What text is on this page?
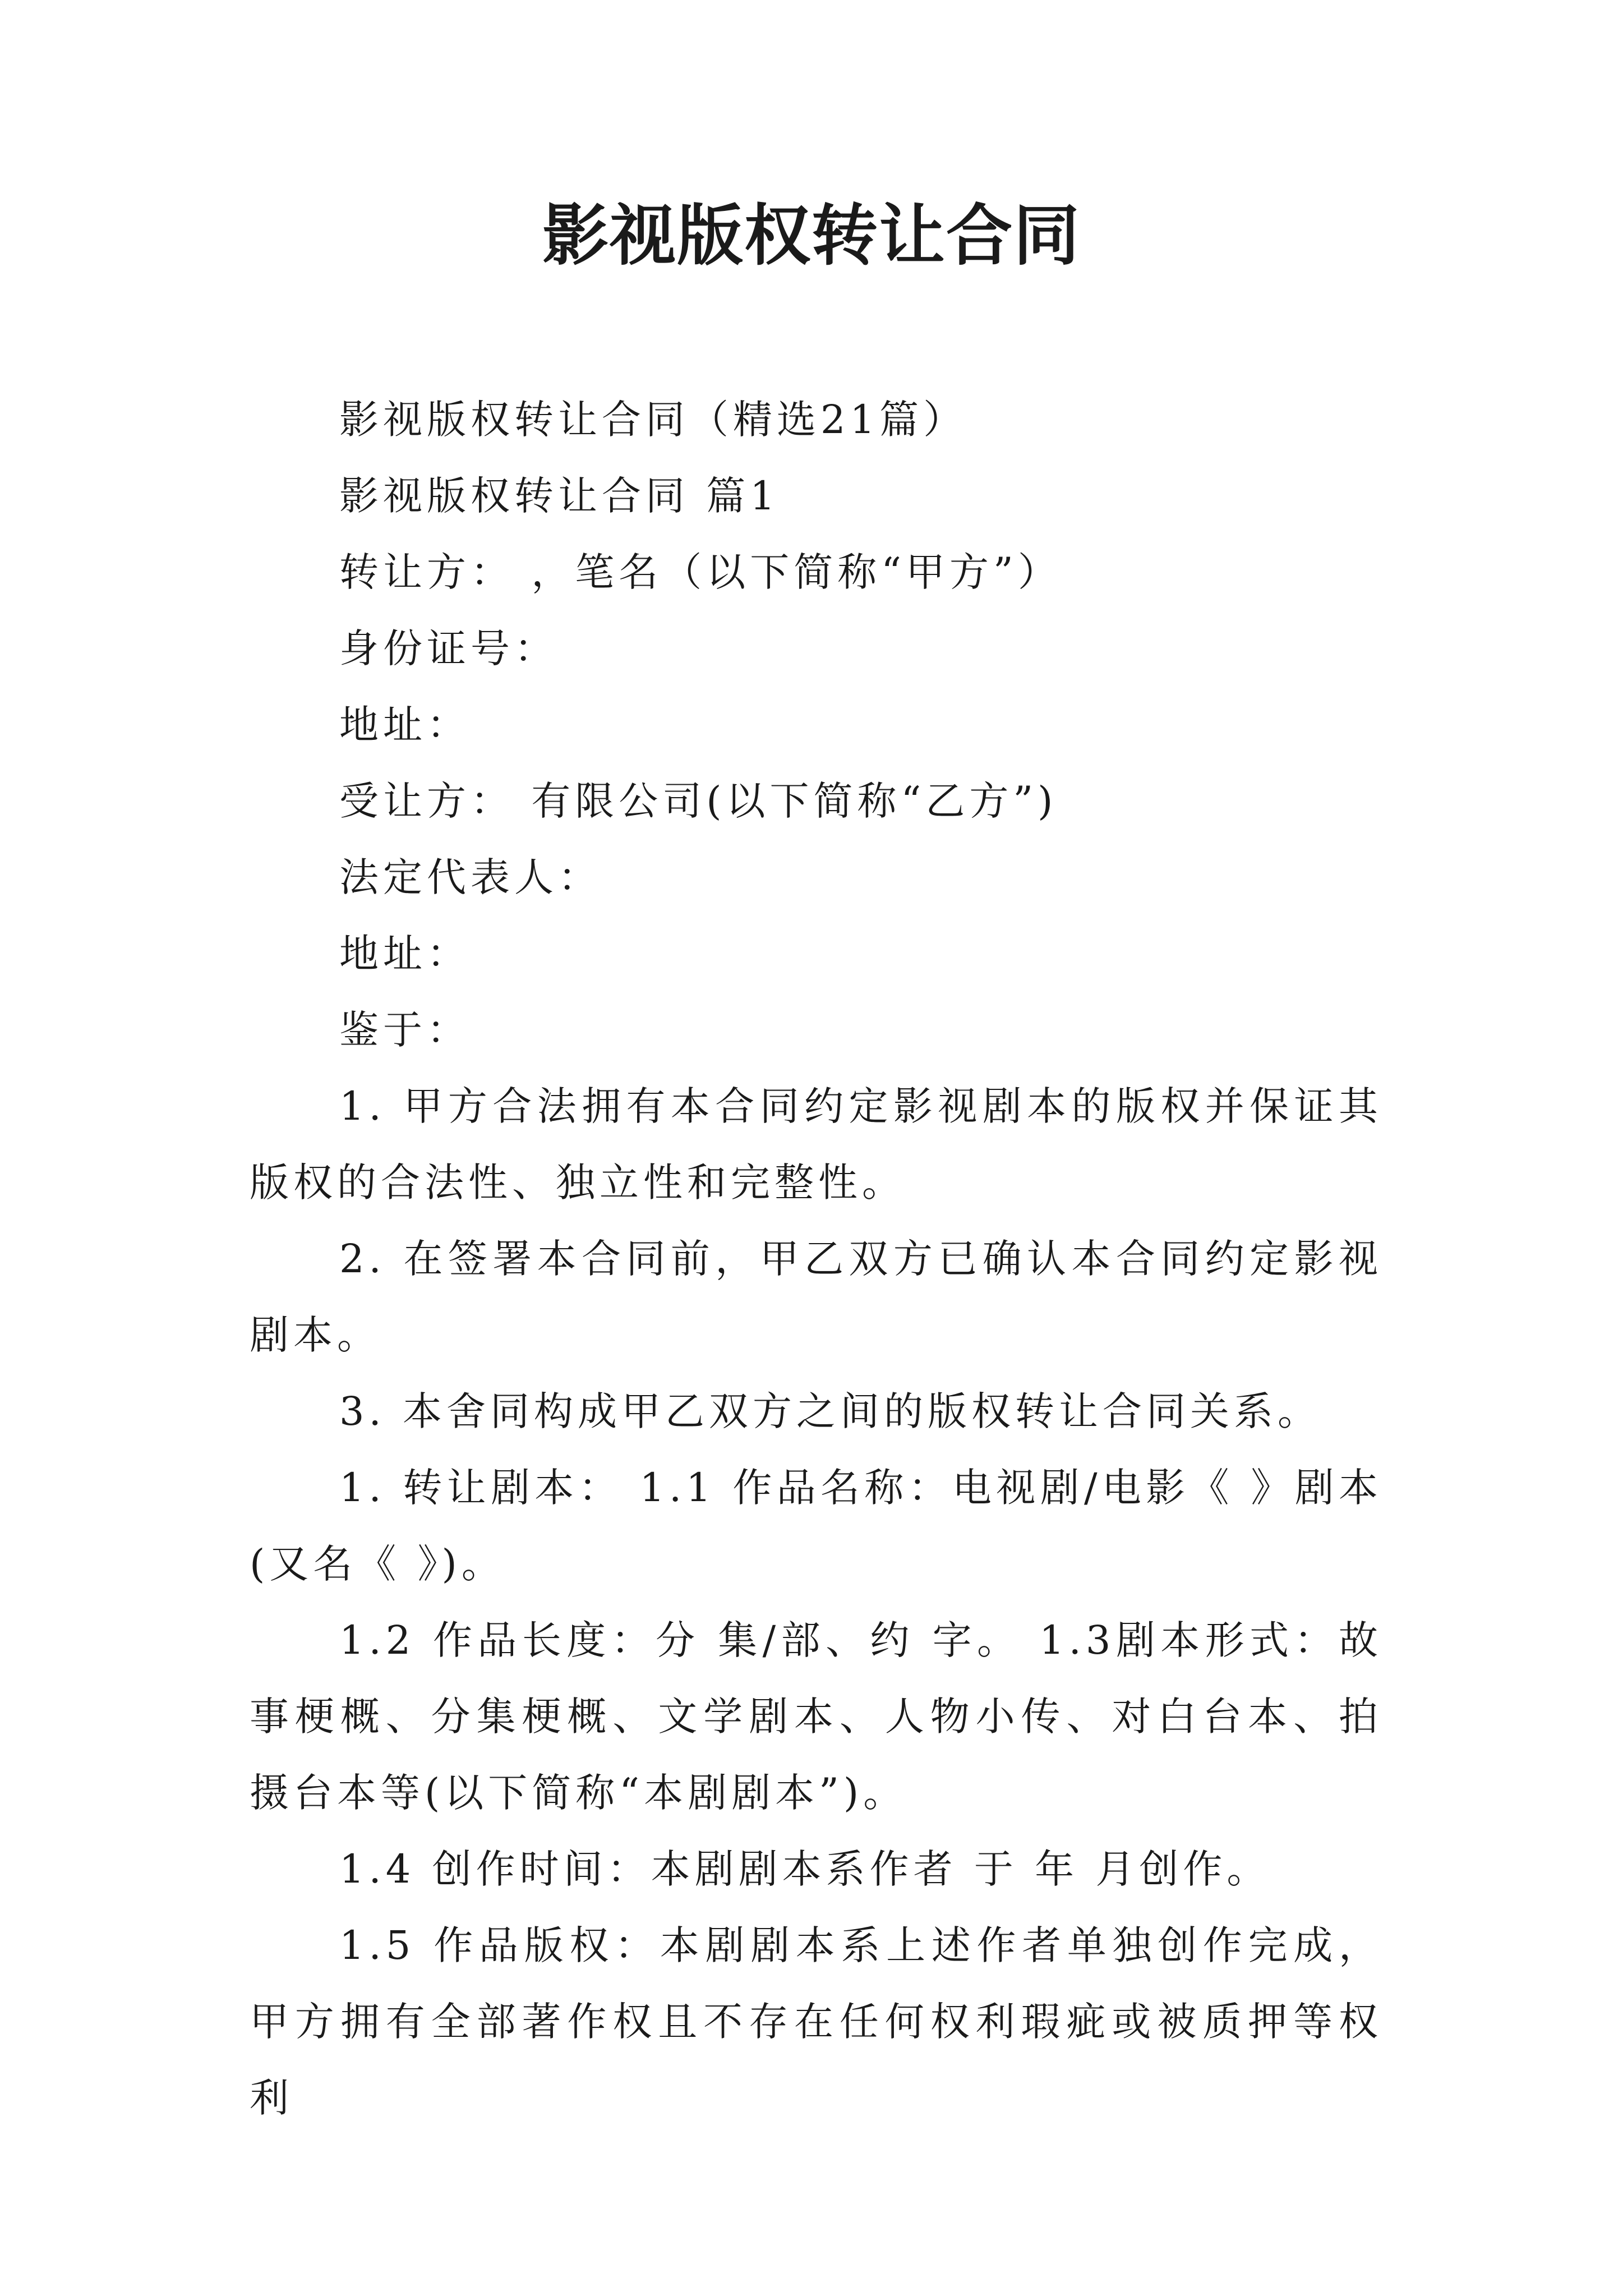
影视版权转让合同

影视版权转让合同（精选21篇）

影视版权转让合同 篇1

转让方： ，笔名（以下简称“甲方”）

身份证号：

地址：

受让方： 有限公司(以下简称“乙方”)

法定代表人：

地址：

鉴于：

1. 甲方合法拥有本合同约定影视剧本的版权并保证其版权的合法性、独立性和完整性。

2. 在签署本合同前，甲乙双方已确认本合同约定影视剧本。

3. 本舍同构成甲乙双方之间的版权转让合同关系。

1. 转让剧本： 1.1 作品名称：电视剧/电影《 》剧本(又名《 》)。

1.2 作品长度：分 集/部、约 字。 1.3剧本形式：故事梗概、分集梗概、文学剧本、人物小传、对白台本、拍摄台本等(以下简称“本剧剧本”)。

1.4 创作时间：本剧剧本系作者 于 年 月创作。

1.5 作品版权：本剧剧本系上述作者单独创作完成，甲方拥有全部著作权且不存在任何权利瑕疵或被质押等权利
